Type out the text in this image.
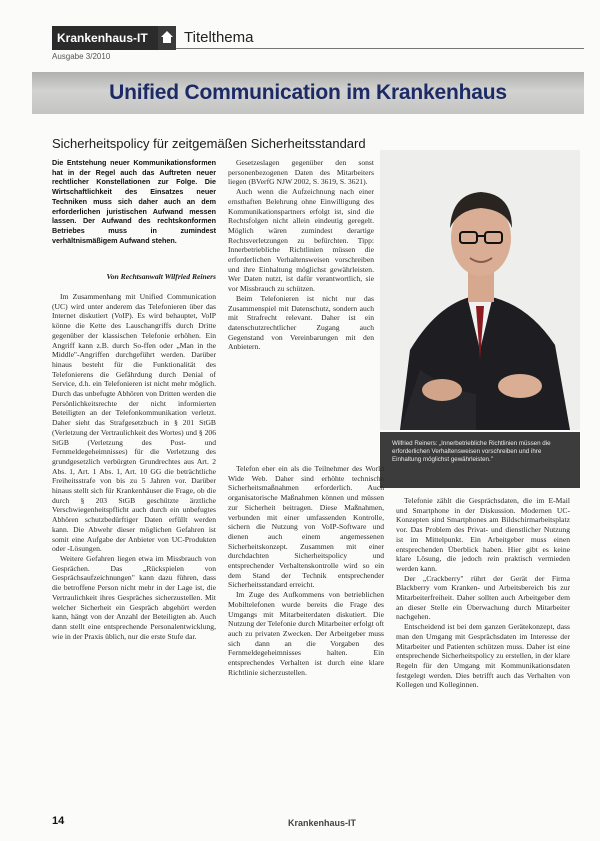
Krankenhaus-IT	Titelthema
Ausgabe 3/2010
Unified Communication im Krankenhaus
Sicherheitspolicy für zeitgemäßen Sicherheitsstandard
Die Entstehung neuer Kommunikationsformen hat in der Regel auch das Auftreten neuer rechtlicher Konstellationen zur Folge. Die Wirtschaftlichkeit des Einsatzes neuer Techniken muss sich daher auch an dem erforderlichen juristischen Aufwand messen lassen. Der Aufwand des rechtskonformen Betriebes muss in zumindest verhältnismäßigem Aufwand stehen.
Von Rechtsanwalt Wilfried Reiners

Im Zusammenhang mit Unified Communication (UC) wird unter anderem das Telefonieren über das Internet diskutiert (VoIP). Es wird behauptet, VoIP könne die Kette des Lauschangriffs durch Dritte gegenüber der klassischen Telefonie erhöhen. Ein Angriff kann z.B. durch So-ffen oder „Man in the Middle"-Angriffen durchgeführt werden. Darüber hinaus besteht für die Funktionalität des Telefonierens die Gefährdung durch Denial of Service, d.h. ein Telefonieren ist nicht mehr möglich. Durch das unbefugte Abhören von Dritten werden die Persönlichkeitsrechte der nicht informierten Beteiligten an der Telefonkommunikation verletzt. Daher sieht das Strafgesetzbuch in § 201 StGB (Verletzung der Vertraulichkeit des Wortes) und § 206 StGB (Verletzung des Post- und Fernmeldegeheimnisses) für die Verletzung des grundgesetzlich verbürgten Grundrechtes aus Art. 2 Abs. 1, Art. 1 Abs. 1, Art. 10 GG die beträchtliche Freiheitsstrafe von bis zu 5 Jahren vor. Darüber hinaus stellt sich für Krankenhäuser die Frage, ob die durch § 203 StGB geschützte ärztliche Verschwiegenheitspflicht auch durch ein unbefugtes Abhören schutzbedürftiger Daten erfüllt werden kann. Die Abwehr dieser möglichen Gefahren ist somit eine Aufgabe der Anbieter von UC-Produkten oder -Lösungen.

Weitere Gefahren liegen etwa im Missbrauch von Gesprächen. Das „Rückspielen von Gesprächsaufzeichnungen" kann dazu führen, dass die betroffene Person nicht mehr in der Lage ist, die Vertraulichkeit ihres Gespräches sicherzustellen. Mit welcher Sicherheit ein Gespräch abgehört werden kann, hängt von der Anzahl der Beteiligten ab. Auch dann stellt eine entsprechende Personalentwicklung, wie in der Praxis üblich, nur die erste Stufe dar.

Gesetzeslagen gegenüber den sonst personenbezogenen Daten des Mitarbeiters liegen (BVerfG NJW 2002, S. 3619, S. 3621).

Auch wenn die Aufzeichnung nach einer ernsthaften Belehrung ohne Einwilligung des Kommunikationspartners erfolgt ist, sind die Rechtsfolgen nicht allein eindeutig geregelt. Möglich wären zumindest derartige Rechtsverletzungen zu befürchten. Tipp: Innerbetriebliche Richtlinien müssen die erforderlichen Verhaltensweisen vorschreiben und ihre Einhaltung möglichst gewährleisten. Wer Daten nutzt, ist dafür verantwortlich, sie vor Missbrauch zu schützen.

Beim Telefonieren ist nicht nur das Zusammenspiel mit Datenschutz, sondern auch mit Strafrecht relevant. Daher ist ein datenschutzrechtlicher Zugang auch Gegenstand von Vereinbarungen mit den Anbietern.

Wilfried Reiners: „Innerbetriebliche Richtlinien müssen die erforderlichen Verhaltensweisen vorschreiben und ihre Einhaltung möglichst gewährleisten."

Telefon eher ein als die Teilnehmer des World Wide Web. Daher sind erhöhte technische Sicherheitsmaßnahmen erforderlich. Auch organisatorische Maßnahmen können und müssen zur Sicherheit beitragen. Diese Maßnahmen, verbunden mit einer umfassenden Kontrolle, sichern die Nutzung von VoIP-Software und dienen auch einem angemessenen Sicherheitskonzept. Zusammen mit einer durchdachten Sicherheitspolicy und entsprechender Verhaltenskontrolle wird so ein dem Stand der Technik entsprechender Sicherheitsstandard erreicht.

Im Zuge des Aufkommens von betrieblichen Mobiltelefonen wurde bereits die Frage des Umgangs mit Mitarbeiterdaten diskutiert. Die Nutzung der Telefonie durch Mitarbeiter erfolgt oft auch zu privaten Zwecken. Der Arbeitgeber muss sich dann an die Vorgaben des Fernmeldegeheimnisses halten. Ein entsprechendes Verhalten ist durch eine klare Richtlinie sicherzustellen.

Telefonie zählt die Gesprächsdaten, die im E-Mail und Smartphone in der Diskussion. Modernen UC-Konzepten sind Smartphones am Bildschirmarbeitsplatz vor. Das Problem des Privat- und dienstlicher Nutzung ist im Mittelpunkt. Ein Arbeitgeber muss einen entsprechenden Überblick haben. Hier gibt es keine klare Lösung, die jedoch rein praktisch vermieden werden kann.

Der „Crackberry" rührt der Gerät der Firma Blackberry vom Kranken- und Arbeitsbereich bis zur Mitarbeiterfreiheit. Daher sollten auch Arbeitgeber dem an dieser Stelle ein Überwachung durch Mitarbeiter nachgehen.

Entscheidend ist bei dem ganzen Gerätekonzept, dass man den Umgang mit Gesprächsdaten im Interesse der Mitarbeiter und Patienten schützen muss. Daher ist eine entsprechende Sicherheitspolicy zu erstellen, in der klare Regeln für den Umgang mit Kommunikationsdaten festgelegt werden. Dies betrifft auch das Verhalten von Kollegen und Kolleginnen.

14	Krankenhaus-IT
